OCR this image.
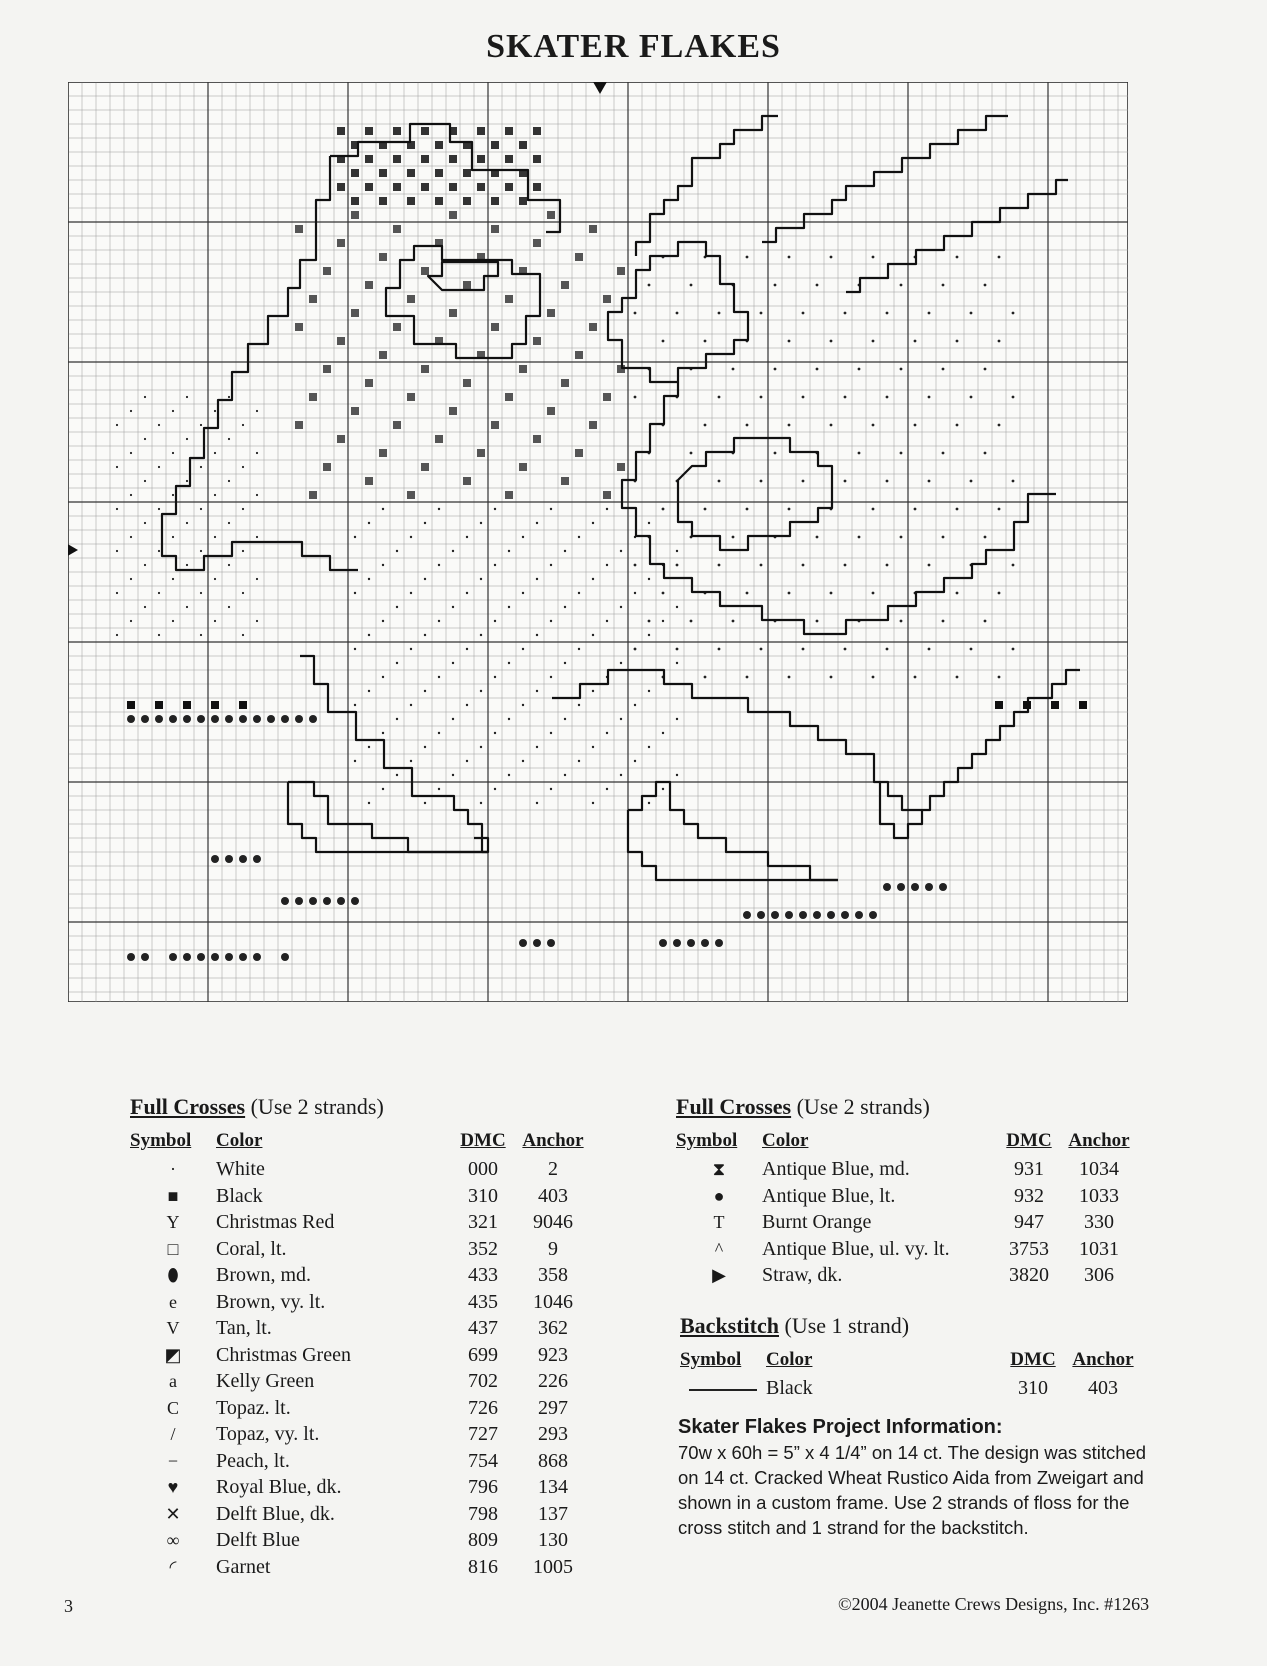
SKATER FLAKES
Full Crosses (Use 2 strands)
Symbol	Color	DMC	Anchor
·	White	000	2
■	Black	310	403
Y	Christmas Red	321	9046
□	Coral, lt.	352	9
⬮	Brown, md.	433	358
e	Brown, vy. lt.	435	1046
V	Tan, lt.	437	362
◩	Christmas Green	699	923
a	Kelly Green	702	226
C	Topaz. lt.	726	297
/	Topaz, vy. lt.	727	293
−	Peach, lt.	754	868
♥	Royal Blue, dk.	796	134
✕	Delft Blue, dk.	798	137
∞	Delft Blue	809	130
◜	Garnet	816	1005
Full Crosses (Use 2 strands)
Symbol	Color	DMC	Anchor
⧗	Antique Blue, md.	931	1034
●	Antique Blue, lt.	932	1033
T	Burnt Orange	947	330
^	Antique Blue, ul. vy. lt.	3753	1031
▶	Straw, dk.	3820	306
Backstitch (Use 1 strand)
Symbol	Color	DMC	Anchor
	Black	310	403
Skater Flakes Project Information:
70w x 60h = 5” x 4 1/4” on 14 ct. The design was stitched on 14 ct. Cracked Wheat Rustico Aida from Zweigart and shown in a custom frame. Use 2 strands of floss for the cross stitch and 1 strand for the backstitch.
3	©2004 Jeanette Crews Designs, Inc. #1263
